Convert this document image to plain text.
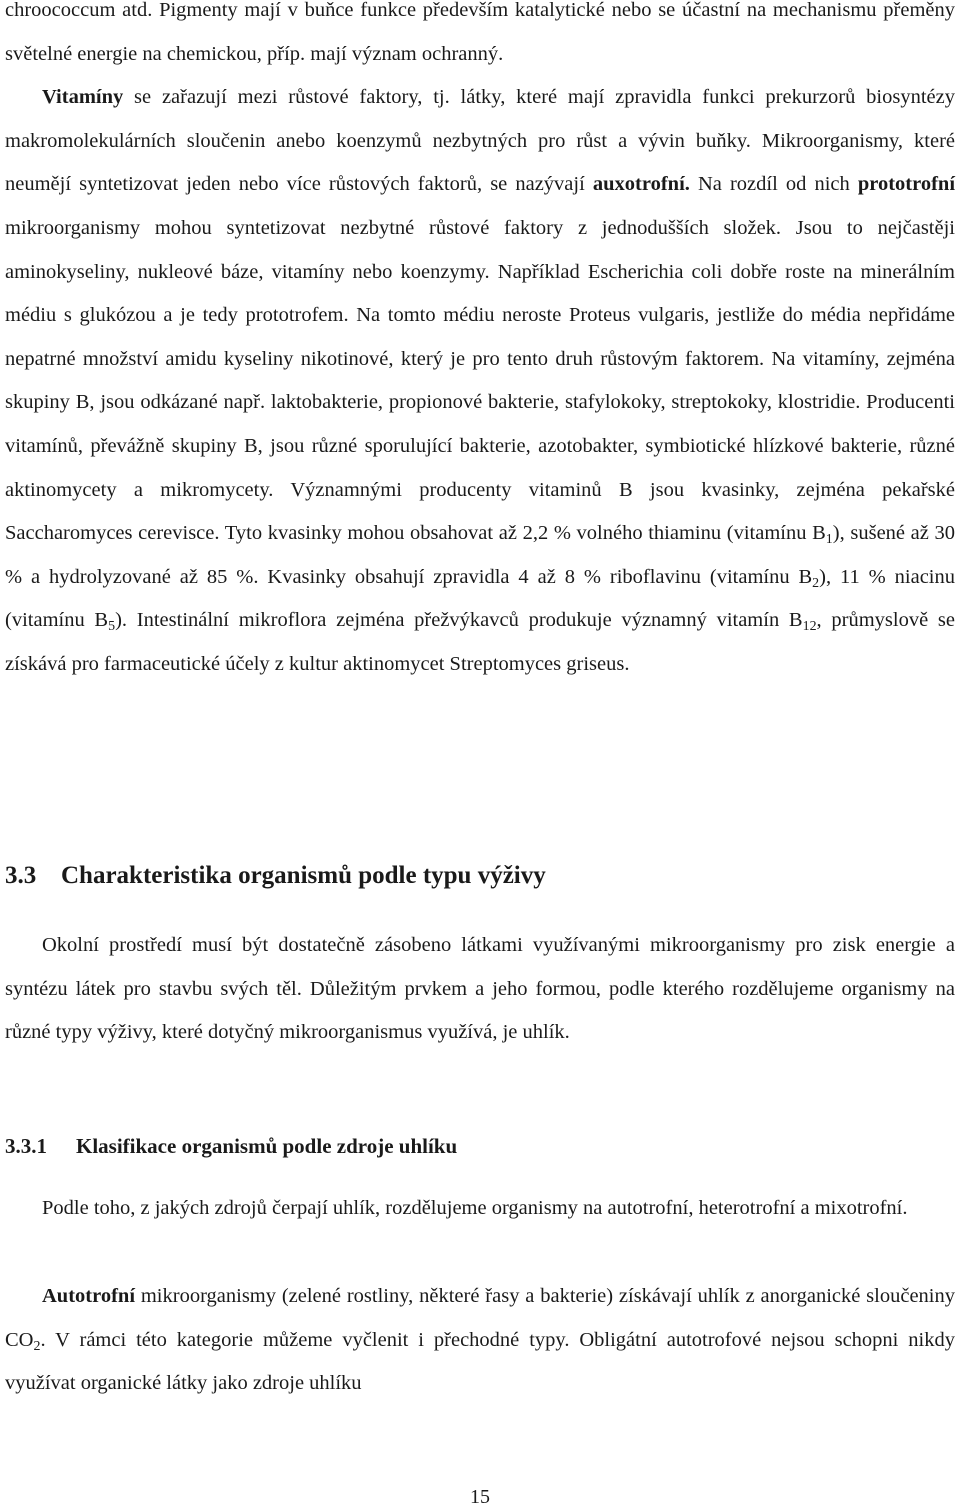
chroococcum atd. Pigmenty mají v buňce funkce především katalytické nebo se účastní na mechanismu přeměny světelné energie na chemickou, příp. mají význam ochranný.
Vitamíny se zařazují mezi růstové faktory, tj. látky, které mají zpravidla funkci prekurzorů biosyntézy makromolekulárních sloučenin anebo koenzymů nezbytných pro růst a vývin buňky. Mikroorganismy, které neumějí syntetizovat jeden nebo více růstových faktorů, se nazývají auxotrofní. Na rozdíl od nich prototrofní mikroorganismy mohou syntetizovat nezbytné růstové faktory z jednodušších složek. Jsou to nejčastěji aminokyseliny, nukleové báze, vitamíny nebo koenzymy. Například Escherichia coli dobře roste na minerálním médiu s glukózou a je tedy prototrofem. Na tomto médiu neroste Proteus vulgaris, jestliže do média nepřidáme nepatrné množství amidu kyseliny nikotinové, který je pro tento druh růstovým faktorem. Na vitamíny, zejména skupiny B, jsou odkázané např. laktobakterie, propionové bakterie, stafylokoky, streptokoky, klostridie. Producenti vitamínů, převážně skupiny B, jsou různé sporulující bakterie, azotobakter, symbiotické hlízkové bakterie, různé aktinomycety a mikromycety. Významnými producenty vitaminů B jsou kvasinky, zejména pekařské Saccharomyces cerevisce. Tyto kvasinky mohou obsahovat až 2,2 % volného thiaminu (vitamínu $B_1$), sušené až 30 % a hydrolyzované až 85 %. Kvasinky obsahují zpravidla 4 až 8 % riboflavinu (vitamínu $B_2$), 11 % niacinu (vitamínu $B_5$). Intestinální mikroflora zejména přežvýkavců produkuje významný vitamín $B_{12}$, průmyslově se získává pro farmaceutické účely z kultur aktinomycet Streptomyces griseus.

3.3 Charakteristika organismů podle typu výživy

Okolní prostředí musí být dostatečně zásobeno látkami využívanými mikroorganismy pro zisk energie a syntézu látek pro stavbu svých těl. Důležitým prvkem a jeho formou, podle kterého rozdělujeme organismy na různé typy výživy, které dotyčný mikroorganismus využívá, je uhlík.

3.3.1 Klasifikace organismů podle zdroje uhlíku

Podle toho, z jakých zdrojů čerpají uhlík, rozdělujeme organismy na autotrofní, heterotrofní a mixotrofní.

Autotrofní mikroorganismy (zelené rostliny, některé řasy a bakterie) získávají uhlík z anorganické sloučeniny $CO_2$. V rámci této kategorie můžeme vyčlenit i přechodné typy. Obligátní autotrofové nejsou schopni nikdy využívat organické látky jako zdroje uhlíku

15
